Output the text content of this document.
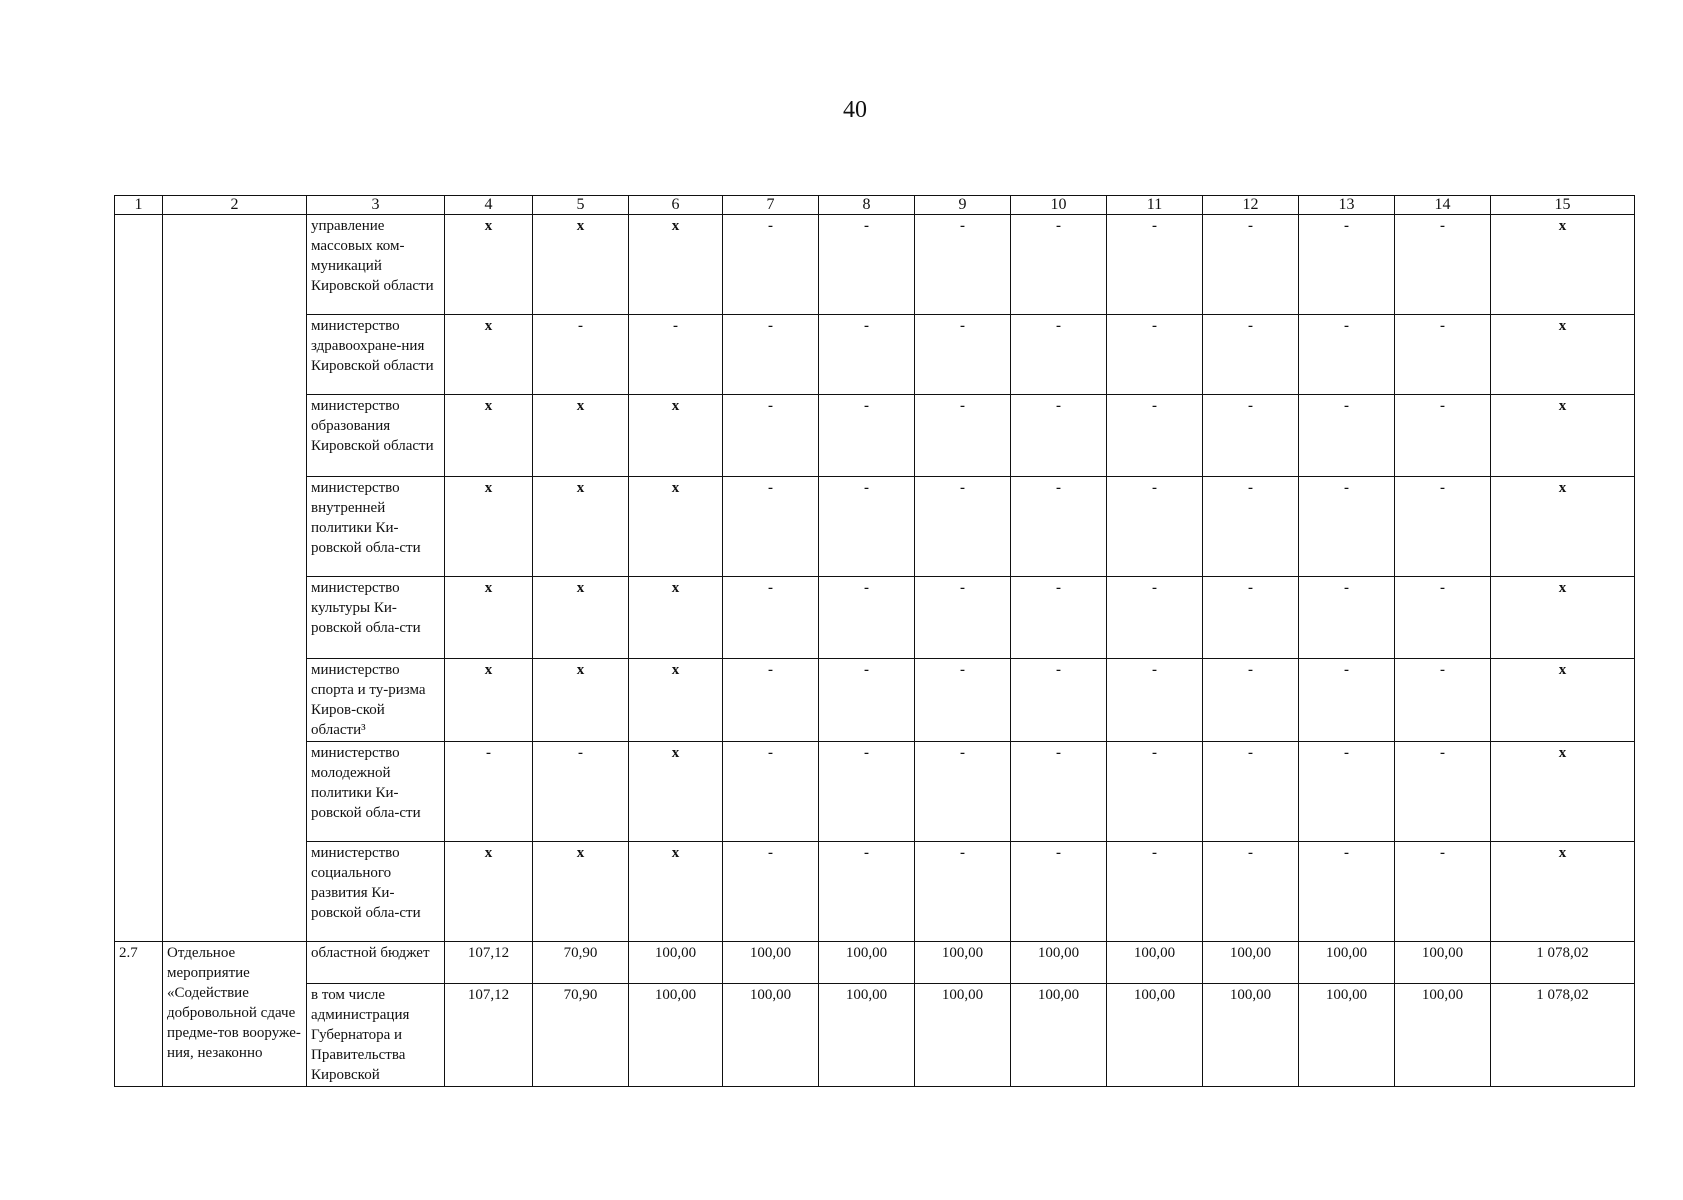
40
1	2	3	4	5	6	7	8	9	10	11	12	13	14	15
		управление массовых ком-муникаций Кировской области	x	x	x	-	-	-	-	-	-	-	-	x
		министерство здравоохране-ния Кировской области	x	-	-	-	-	-	-	-	-	-	-	x
		министерство образования Кировской области	x	x	x	-	-	-	-	-	-	-	-	x
		министерство внутренней политики Ки-ровской обла-сти	x	x	x	-	-	-	-	-	-	-	-	x
		министерство культуры Ки-ровской обла-сти	x	x	x	-	-	-	-	-	-	-	-	x
		министерство спорта и ту-ризма Киров-ской области³	x	x	x	-	-	-	-	-	-	-	-	x
		министерство молодежной политики Ки-ровской обла-сти	-	-	x	-	-	-	-	-	-	-	-	x
		министерство социального развития Ки-ровской обла-сти	x	x	x	-	-	-	-	-	-	-	-	x
2.7	Отдельное мероприятие «Содействие добровольной сдаче предме-тов вооруже-ния, незаконно	областной бюджет	107,12	70,90	100,00	100,00	100,00	100,00	100,00	100,00	100,00	100,00	100,00	1 078,02
		в том числе администрация Губернатора и Правительства Кировской	107,12	70,90	100,00	100,00	100,00	100,00	100,00	100,00	100,00	100,00	100,00	1 078,02
